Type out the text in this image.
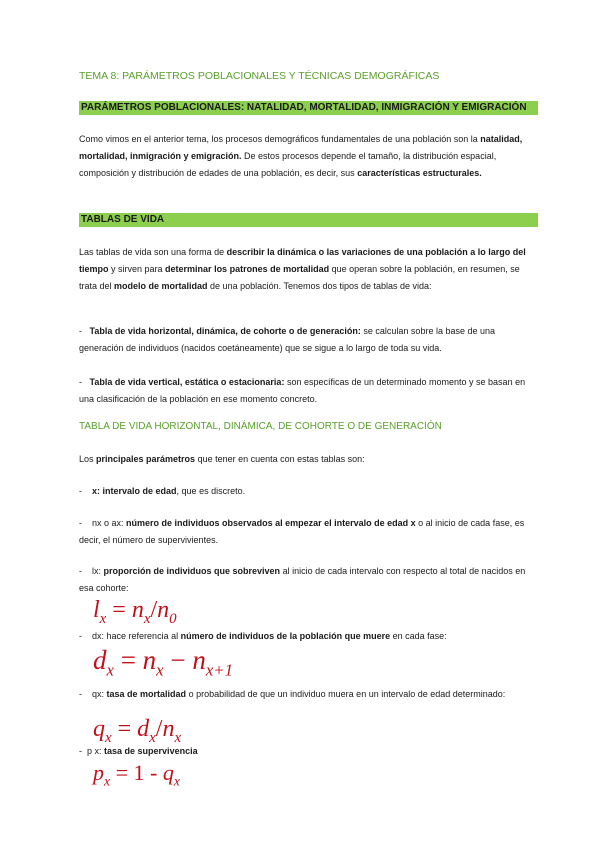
TEMA 8: PARÁMETROS POBLACIONALES Y TÉCNICAS DEMOGRÁFICAS
PARÁMETROS POBLACIONALES: NATALIDAD, MORTALIDAD, INMIGRACIÓN Y EMIGRACIÓN

Como vimos en el anterior tema, los procesos demográficos fundamentales de una población son la natalidad, mortalidad, inmigración y emigración. De estos procesos depende el tamaño, la distribución espacial, composición y distribución de edades de una población, es decir, sus características estructurales.

TABLAS DE VIDA

Las tablas de vida son una forma de describir la dinámica o las variaciones de una población a lo largo del tiempo y sirven para determinar los patrones de mortalidad que operan sobre la población, en resumen, se trata del modelo de mortalidad de una población. Tenemos dos tipos de tablas de vida:

- Tabla de vida horizontal, dinámica, de cohorte o de generación: se calculan sobre la base de una generación de individuos (nacidos coetáneamente) que se sigue a lo largo de toda su vida.
- Tabla de vida vertical, estática o estacionaria: son específicas de un determinado momento y se basan en una clasificación de la población en ese momento concreto.
TABLA DE VIDA HORIZONTAL, DINÁMICA, DE COHORTE O DE GENERACIÓN
Los principales parámetros que tener en cuenta con estas tablas son:
- x: intervalo de edad, que es discreto.
- nx o ax: número de individuos observados al empezar el intervalo de edad x o al inicio de cada fase, es decir, el número de supervivientes.
- lx: proporción de individuos que sobreviven al inicio de cada intervalo con respecto al total de nacidos en esa cohorte:
$l_x = n_x/n_0$
- dx: hace referencia al número de individuos de la población que muere en cada fase:
$d_x = n_x - n_{x+1}$
- qx: tasa de mortalidad o probabilidad de que un individuo muera en un intervalo de edad determinado:
$q_x = d_x/n_x$
- p x: tasa de supervivencia
$p_x = 1 - q_x$
